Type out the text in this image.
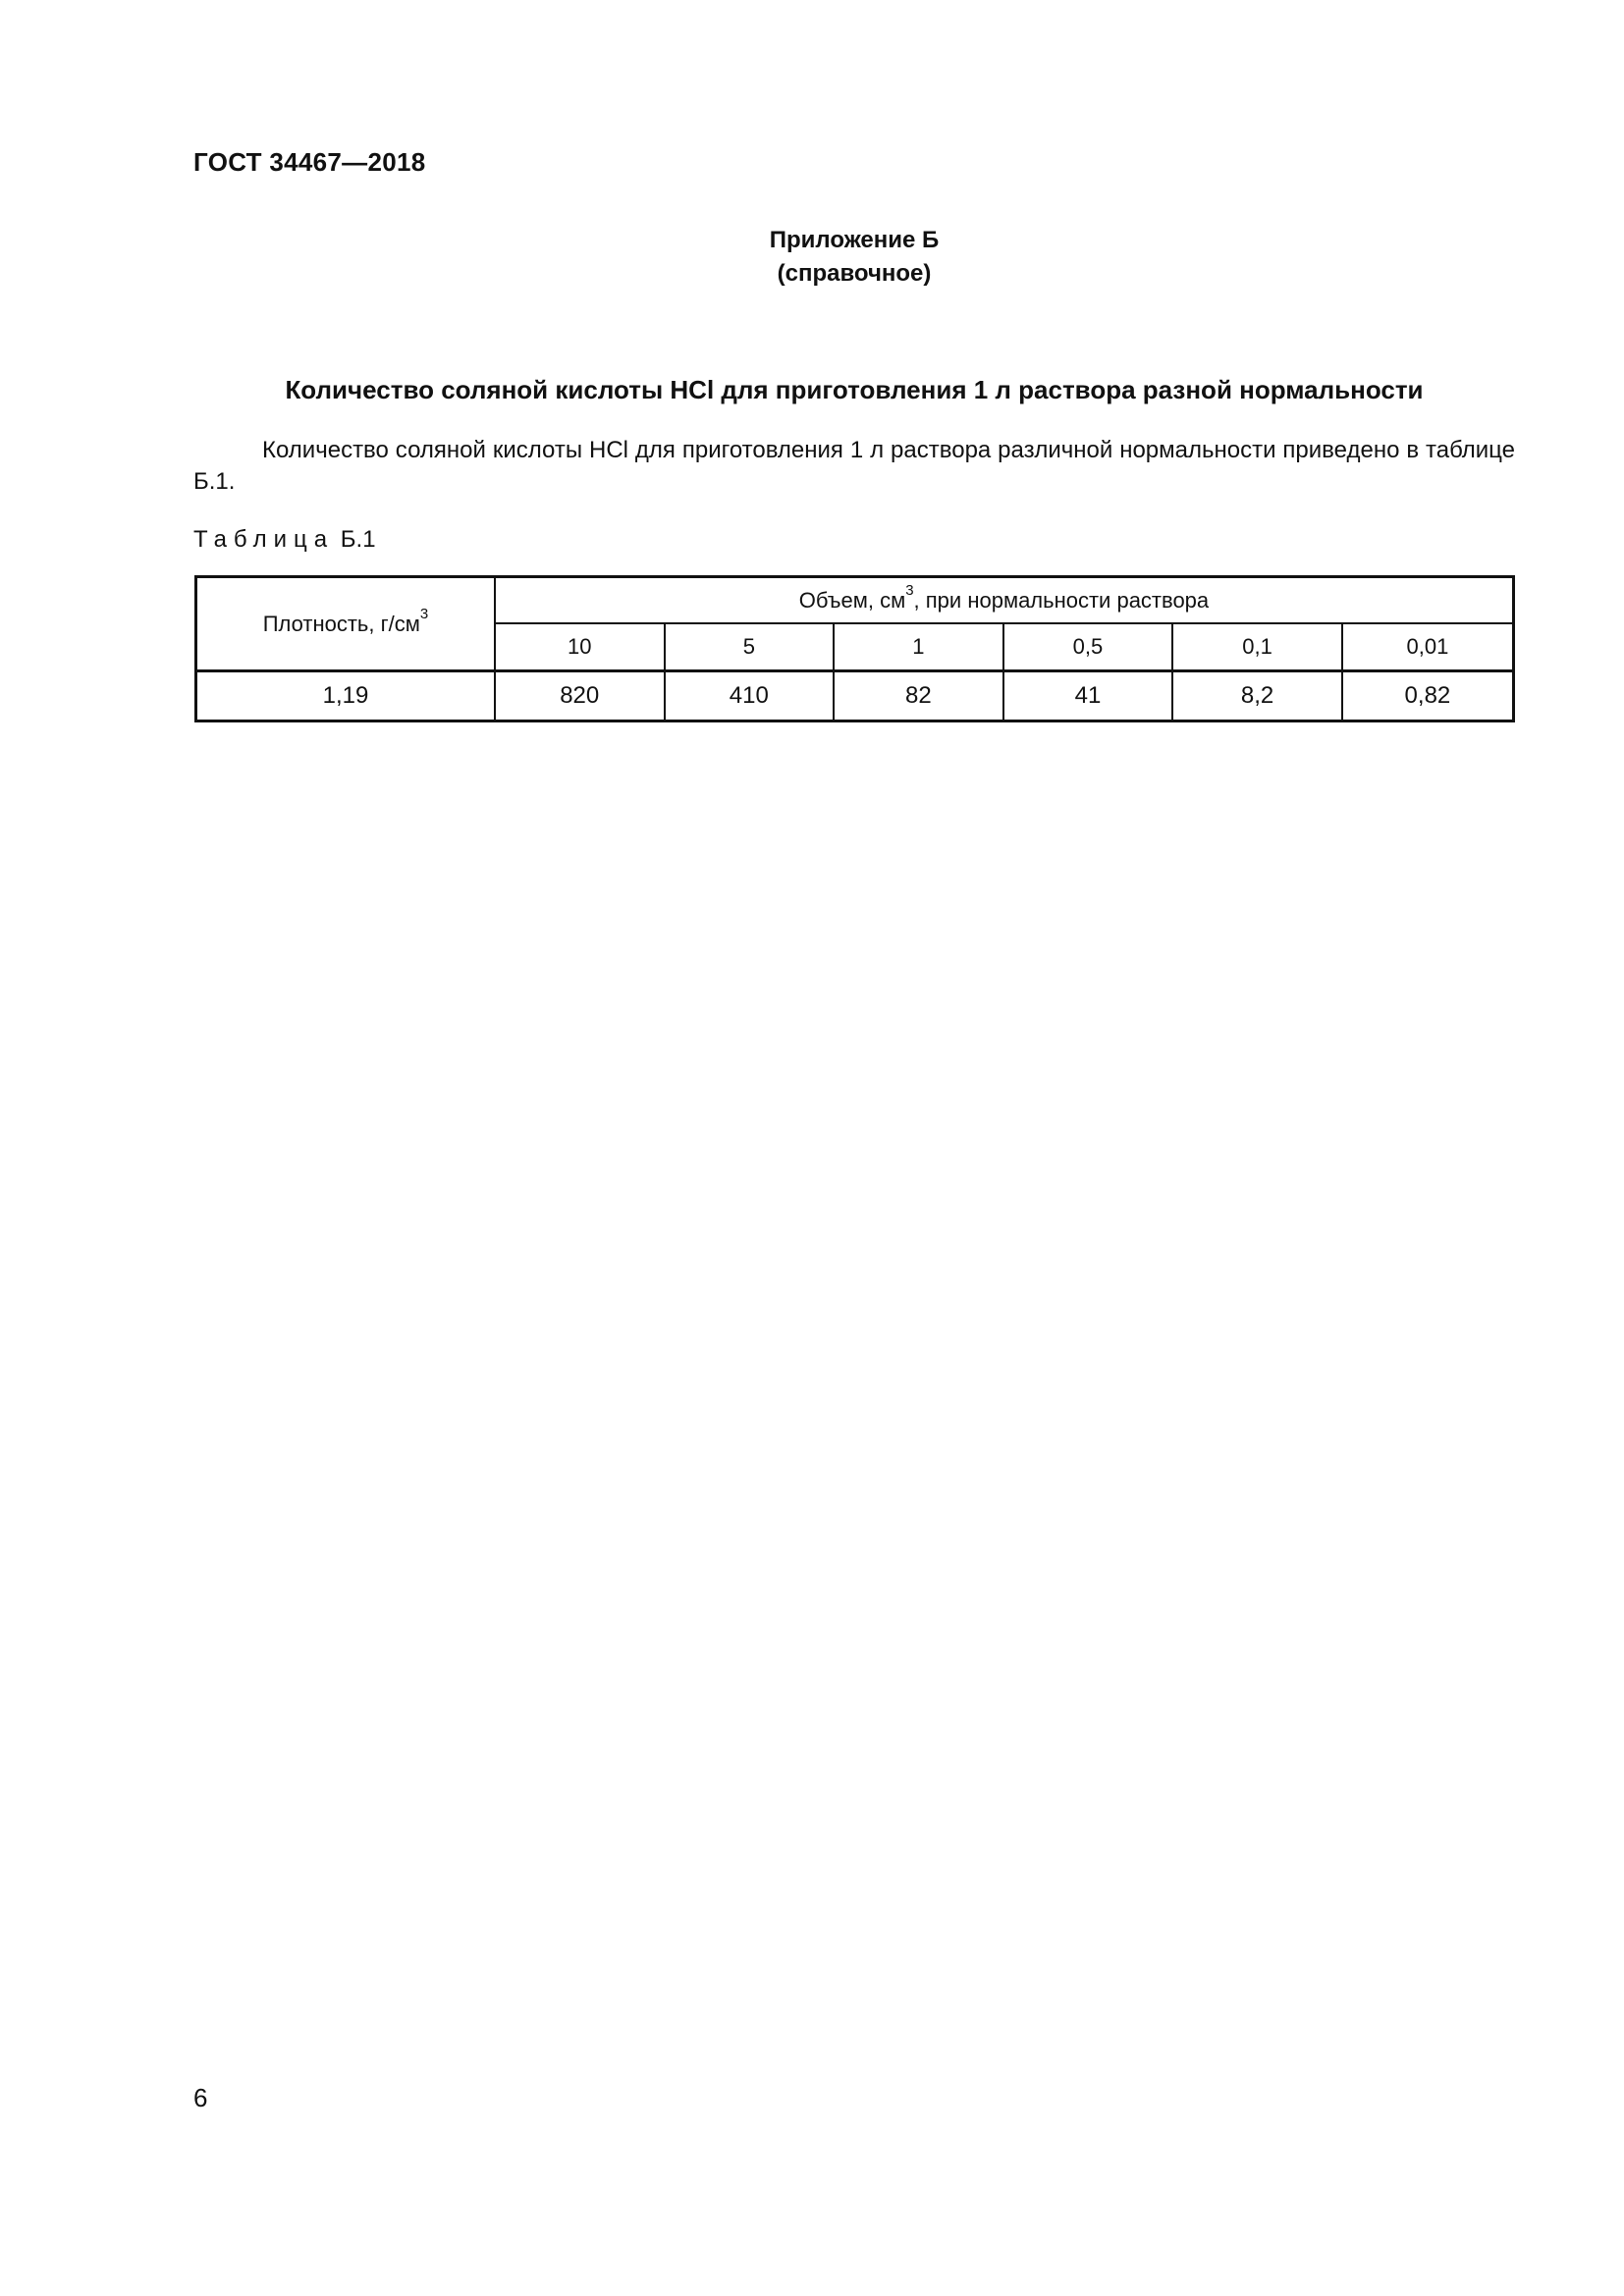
ГОСТ 34467—2018
Приложение Б
(справочное)
Количество соляной кислоты HCl для приготовления 1 л раствора разной нормальности

Количество соляной кислоты HCl для приготовления 1 л раствора различной нормальности приведено в таблице Б.1.

Таблица Б.1
Плотность, $г/см^3$	Объем, $см^3$, при нормальности раствора					
	10	5	1	0,5	0,1	0,01
1,19	820	410	82	41	8,2	0,82
6
